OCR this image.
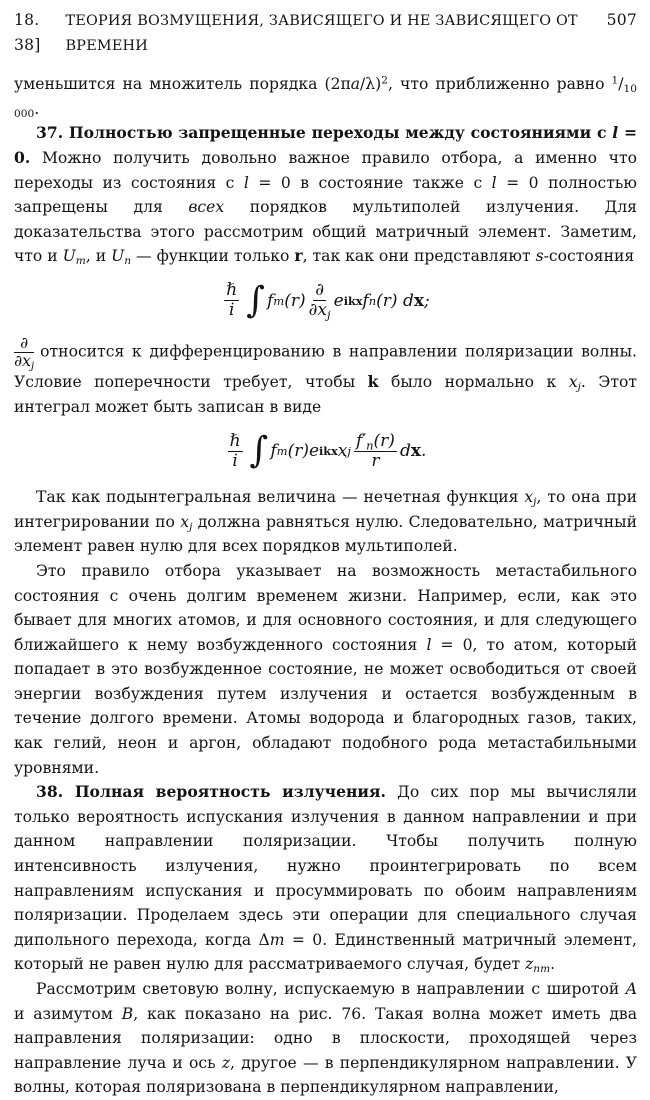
18. 38]
ТЕОРИЯ ВОЗМУЩЕНИЯ, ЗАВИСЯЩЕГО И НЕ ЗАВИСЯЩЕГО ОТ ВРЕМЕНИ
507

уменьшится на множитель порядка $(2\pi a/\lambda)^2$, что приближенно равно $^1/_{10 000}$.

37. Полностью запрещенные переходы между состояниями с l = 0. Можно получить довольно важное правило отбора, а именно что переходы из состояния с l = 0 в состояние также с l = 0 полностью запрещены для всех порядков мультиполей излучения. Для доказательства этого рассмотрим общий матричный элемент. Заметим, что и $U_m$, и $U_n$ — функции только r, так как они представляют s-состояния

$\frac{\text{ℏ}}{i}$ ∫ f m $(r) \frac{\partial}{\partial x_j}$ e ikx f n (r) d x ;

$\frac{\partial}{\partial x_j}$ относится к дифференцированию в направлении поляризации волны. Условие поперечности требует, чтобы k было нормально к $x_j$. Этот интеграл может быть записан в виде

$\frac{\text{ℏ}}{i}$ ∫ f m (r) e ikx x j $\frac{f'_n(r)}{r}$ d x .

Так как подынтегральная величина — нечетная функция $x_j$, то она при интегрировании по $x_j$ должна равняться нулю. Следовательно, матричный элемент равен нулю для всех порядков мультиполей.

Это правило отбора указывает на возможность метастабильного состояния с очень долгим временем жизни. Например, если, как это бывает для многих атомов, и для основного состояния, и для следующего ближайшего к нему возбужденного состояния l = 0, то атом, который попадает в это возбужденное состояние, не может освободиться от своей энергии возбуждения путем излучения и остается возбужденным в течение долгого времени. Атомы водорода и благородных газов, таких, как гелий, неон и аргон, обладают подобного рода метастабильными уровнями.

38. Полная вероятность излучения. До сих пор мы вычисляли только вероятность испускания излучения в данном направлении и при данном направлении поляризации. Чтобы получить полную интенсивность излучения, нужно проинтегрировать по всем направлениям испускания и просуммировать по обоим направлениям поляризации. Проделаем здесь эти операции для специального случая дипольного перехода, когда Δm = 0. Единственный матричный элемент, который не равен нулю для рассматриваемого случая, будет $z_{nm}$.

Рассмотрим световую волну, испускаемую в направлении с широтой A и азимутом B, как показано на рис. 76. Такая волна может иметь два направления поляризации: одно в плоскости, проходящей через направление луча и ось z, другое — в перпендикулярном направлении. У волны, которая поляризована в перпендикулярном направлении,
